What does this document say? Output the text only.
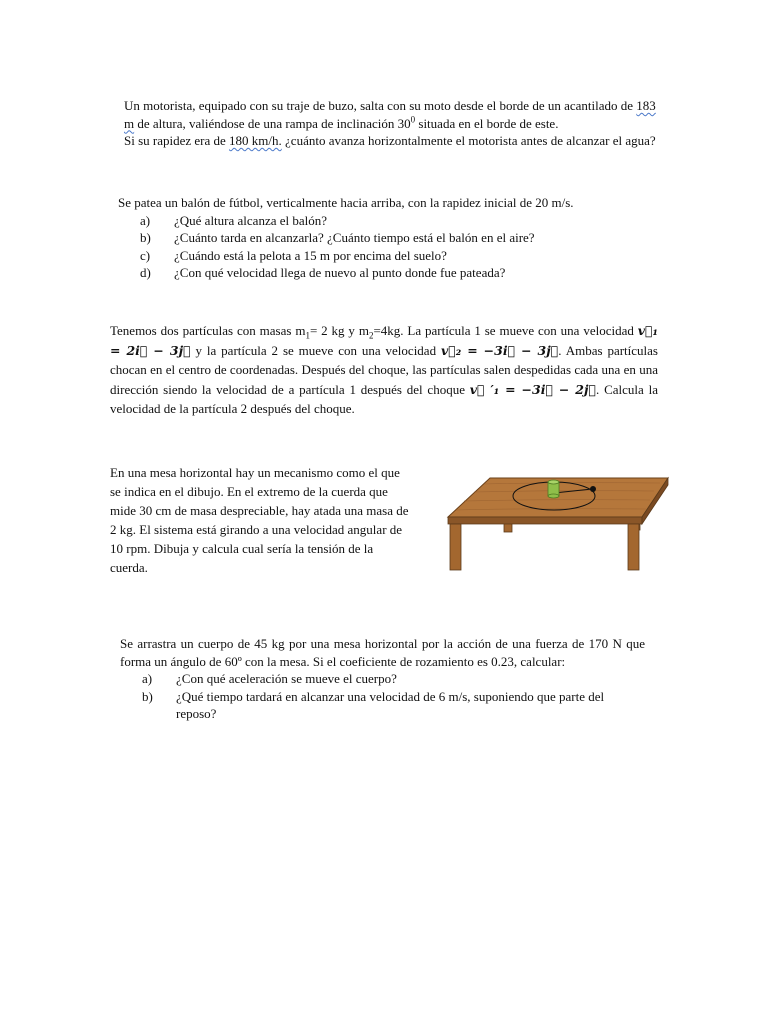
Un motorista, equipado con su traje de buzo, salta con su moto desde el borde de un acantilado de 183

m de altura, valiéndose de una rampa de inclinación $30^0$ situada en el borde de este.

Si su rapidez era de 180 km/h. ¿cuánto avanza horizontalmente el motorista antes de alcanzar el agua?

Se patea un balón de fútbol, verticalmente hacia arriba, con la rapidez inicial de 20 m/s.

a) ¿Qué altura alcanza el balón?
b) ¿Cuánto tarda en alcanzarla? ¿Cuánto tiempo está el balón en el aire?
c) ¿Cuándo está la pelota a 15 m por encima del suelo?
d) ¿Con qué velocidad llega de nuevo al punto donde fue pateada?

Tenemos dos partículas con masas $m_1= 2$ kg y $m_2=4kg$. La partícula 1 se mueve con una velocidad v⃗₁ = 2i⃗ − 3j⃗ y la partícula 2 se mueve con una velocidad v⃗₂ = −3i⃗ − 3j⃗. Ambas partículas chocan en el centro de coordenadas. Después del choque, las partículas salen despedidas cada una en una dirección siendo la velocidad de a partícula 1 después del choque v⃗ ′₁ = −3i⃗ − 2j⃗. Calcula la velocidad de la partícula 2 después del choque.

En una mesa horizontal hay un mecanismo como el que

se indica en el dibujo. En el extremo de la cuerda que

mide 30 cm de masa despreciable, hay atada una masa de

2 kg. El sistema está girando a una velocidad angular de

10 rpm. Dibuja y calcula cual sería la tensión de la

cuerda.

Se arrastra un cuerpo de 45 kg por una mesa horizontal por la acción de una fuerza de 170 N que forma un ángulo de 60º con la mesa. Si el coeficiente de rozamiento es 0.23, calcular:

a) ¿Con qué aceleración se mueve el cuerpo?
b) ¿Qué tiempo tardará en alcanzar una velocidad de 6 m/s, suponiendo que parte del reposo?
